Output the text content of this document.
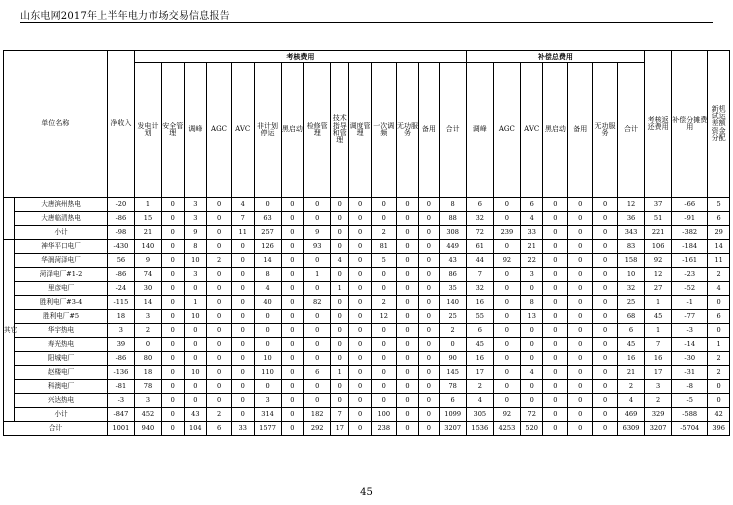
山东电网2017年上半年电力市场交易信息报告
单位名称		净收入	考核费用														补偿总费用							考核返还费用	补偿分摊费用	新机试运差额资金分配
			发电计划	安全管理	调峰	AGC	AVC	非计划停运	黑启动	检修管理	技术指导和管理	调度管理	一次调频	无功服务	备用	合计	调峰	AGC	AVC	黑启动	备用	无功服务	合计			
	大唐滨州热电	-20	1	0	3	0	4	0	0	0	0	0	0	0	0	8	6	0	6	0	0	0	12	37	-66	5
	大唐临清热电	-86	15	0	3	0	7	63	0	0	0	0	0	0	0	88	32	0	4	0	0	0	36	51	-91	6
	小计	-98	21	0	9	0	11	257	0	9	0	0	2	0	0	308	72	239	33	0	0	0	343	221	-382	29
其它	神华平口电厂	-430	140	0	8	0	0	126	0	93	0	0	81	0	0	449	61	0	21	0	0	0	83	106	-184	14
	华润菏泽电厂	56	9	0	10	2	0	14	0	0	4	0	5	0	0	43	44	92	22	0	0	0	158	92	-161	11
	菏泽电厂#1-2	-86	74	0	3	0	0	8	0	1	0	0	0	0	0	86	7	0	3	0	0	0	10	12	-23	2
	里彦电厂	-24	30	0	0	0	0	4	0	0	1	0	0	0	0	35	32	0	0	0	0	0	32	27	-52	4
	胜利电厂#3-4	-115	14	0	1	0	0	40	0	82	0	0	2	0	0	140	16	0	8	0	0	0	25	1	-1	0
	胜利电厂#5	18	3	0	10	0	0	0	0	0	0	0	12	0	0	25	55	0	13	0	0	0	68	45	-77	6
	华宇热电	3	2	0	0	0	0	0	0	0	0	0	0	0	0	2	6	0	0	0	0	0	6	1	-3	0
	寿光热电	39	0	0	0	0	0	0	0	0	0	0	0	0	0	0	45	0	0	0	0	0	45	7	-14	1
	阳城电厂	-86	80	0	0	0	0	10	0	0	0	0	0	0	0	90	16	0	0	0	0	0	16	16	-30	2
	赵楼电厂	-136	18	0	10	0	0	110	0	6	1	0	0	0	0	145	17	0	4	0	0	0	21	17	-31	2
	科澳电厂	-81	78	0	0	0	0	0	0	0	0	0	0	0	0	78	2	0	0	0	0	0	2	3	-8	0
	兴达热电	-3	3	0	0	0	0	3	0	0	0	0	0	0	0	6	4	0	0	0	0	0	4	2	-5	0
	小计	-847	452	0	43	2	0	314	0	182	7	0	100	0	0	1099	305	92	72	0	0	0	469	329	-588	42
合计		1001	940	0	104	6	33	1577	0	292	17	0	238	0	0	3207	1536	4253	520	0	0	0	6309	3207	-5704	396
45
